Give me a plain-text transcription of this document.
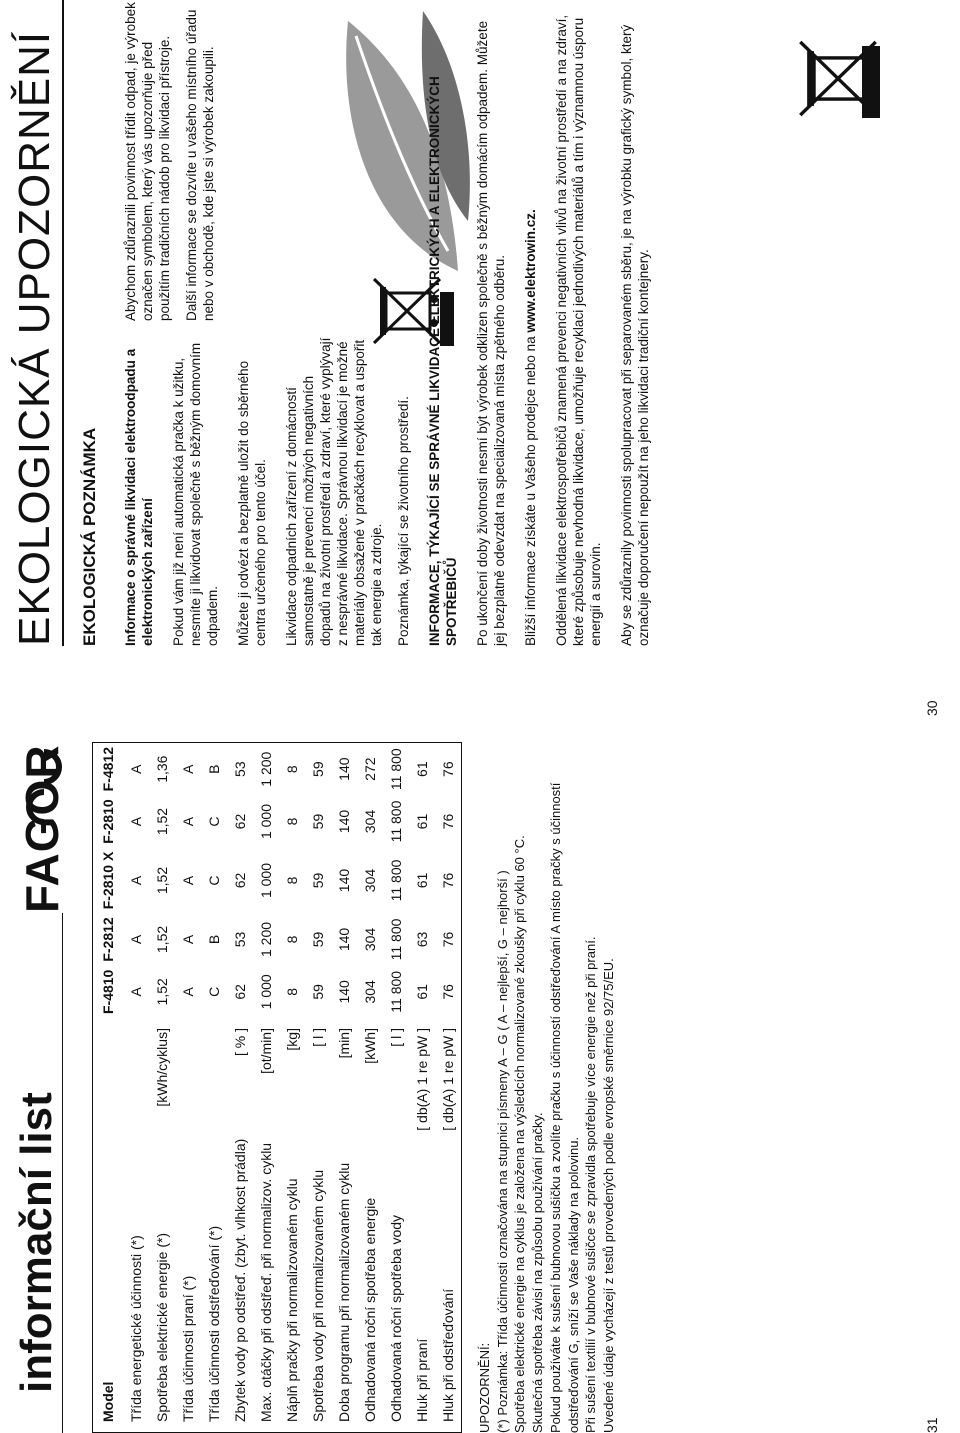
EKOLOGICKÁ UPOZORNĚNÍ EKOLOGICKÁ POZNÁMKA Informace o správné likvidaci elektroodpadu a elektronických zařízení Pokud vám již není automatická pračka k užitku, nesmíte ji likvidovat společně s běžným domovním odpadem. Můžete ji odvézt a bezplatně uložit do sběrného centra určeného pro tento účel. Likvidace odpadních zařízení z domácností samostatně je prevencí možných negativních dopadů na životní prostředí a zdraví, které vyplývají z nesprávné likvidace. Správnou likvidací je možné materiály obsažené v pračkách recyklovat a uspořit tak energie a zdroje.

Abychom zdůraznili povinnost třídit odpad, je výrobek označen symbolem, který vás upozorňuje před použitím tradičních nádob pro likvidaci přístroje. Další informace se dozvíte u vašeho místního úřadu nebo v obchodě, kde jste si výrobek zakoupili.

Poznámka, týkající se životního prostředí. INFORMACE, TÝKAJÍCÍ SE SPRÁVNÉ LIKVIDACE ELEKTRICKÝCH A ELEKTRONICKÝCH SPOTŘEBIČŮ Po ukončení doby životnosti nesmí být výrobek odklizen společně s běžným domácím odpadem. Můžete jej bezplatně odevzdat na specializovaná místa zpětného odběru. Bližší informace získáte u Vašeho prodejce nebo na www.elektrowin.cz. Oddělená likvidace elektrospotřebičů znamená prevenci negativních vlivů na životní prostředí a na zdraví, které způsobuje nevhodná likvidace, umožňuje recyklaci jednotlivých materiálů a tím i významnou úsporu energií a surovin. Aby se zdůraznily povinnosti spolupracovat při separovaném sběru, je na výrobku grafický symbol, který označuje doporučení nepoužít na jeho likvidaci tradiční kontejnery.

30
informační list
FAGOR
Model		F-4810	F-2812	F-2810 X	F-2810	F-4812
Třída energetické účinnosti (*)		A	A	A	A	A
Spotřeba elektrické energie (*)	[kWh/cyklus]	1,52	1,52	1,52	1,52	1,36
Třída účinnosti praní (*)		A	A	A	A	A
Třída účinnosti odstřeďování (*)		C	B	C	C	B
Zbytek vody po odstřeď. (zbyt. vlhkost prádla)	[ % ]	62	53	62	62	53
Max. otáčky při odstřeď. při normalizov. cyklu	[ot/min]	1 000	1 200	1 000	1 000	1 200
Náplň pračky při normalizovaném cyklu	[kg]	8	8	8	8	8
Spotřeba vody při normalizovaném cyklu	[ l ]	59	59	59	59	59
Doba programu při normalizovaném cyklu	[min]	140	140	140	140	140
Odhadovaná roční spotřeba energie	[kWh]	304	304	304	304	272
Odhadovaná roční spotřeba vody	[ l ]	11 800	11 800	11 800	11 800	11 800
Hluk při praní	[ db(A) 1 re pW ]	61	63	61	61	61
Hluk při odstřeďování	[ db(A) 1 re pW ]	76	76	76	76	76

UPOZORNĚNÍ: (*) Poznámka: Třída účinnosti označována na stupnici písmeny A – G ( A – nejlepší, G – nejhorší ) Spotřeba elektrické energie na cyklus je založena na výsledcích normalizované zkoušky při cyklu 60 °C. Skutečná spotřeba závisí na způsobu používání pračky. Pokud používáte k sušení bubnovou sušičku a zvolíte pračku s účinností odstřeďování A místo pračky s účinností odstřeďování G, sníží se Vaše náklady na polovinu. Při sušení textilií v bubnové sušičce se zpravidla spotřebuje více energie než při praní. Uvedené údaje vycházejí z testů provedených podle evropské směrnice 92/75/EU.	31
